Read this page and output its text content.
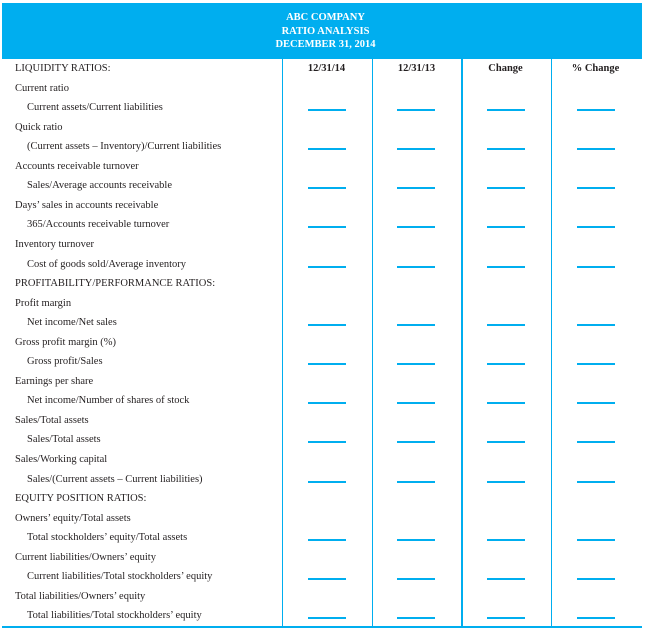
ABC COMPANY
RATIO ANALYSIS
DECEMBER 31, 2014
LIQUIDITY RATIOS:	12/31/14	12/31/13	Change	% Change
Current ratio
Current assets/Current liabilities
Quick ratio
(Current assets – Inventory)/Current liabilities
Accounts receivable turnover
Sales/Average accounts receivable
Days’ sales in accounts receivable
365/Accounts receivable turnover
Inventory turnover
Cost of goods sold/Average inventory
PROFITABILITY/PERFORMANCE RATIOS:
Profit margin
Net income/Net sales
Gross profit margin (%)
Gross profit/Sales
Earnings per share
Net income/Number of shares of stock
Sales/Total assets
Sales/Total assets
Sales/Working capital
Sales/(Current assets – Current liabilities)
EQUITY POSITION RATIOS:
Owners’ equity/Total assets
Total stockholders’ equity/Total assets
Current liabilities/Owners’ equity
Current liabilities/Total stockholders’ equity
Total liabilities/Owners’ equity
Total liabilities/Total stockholders’ equity
